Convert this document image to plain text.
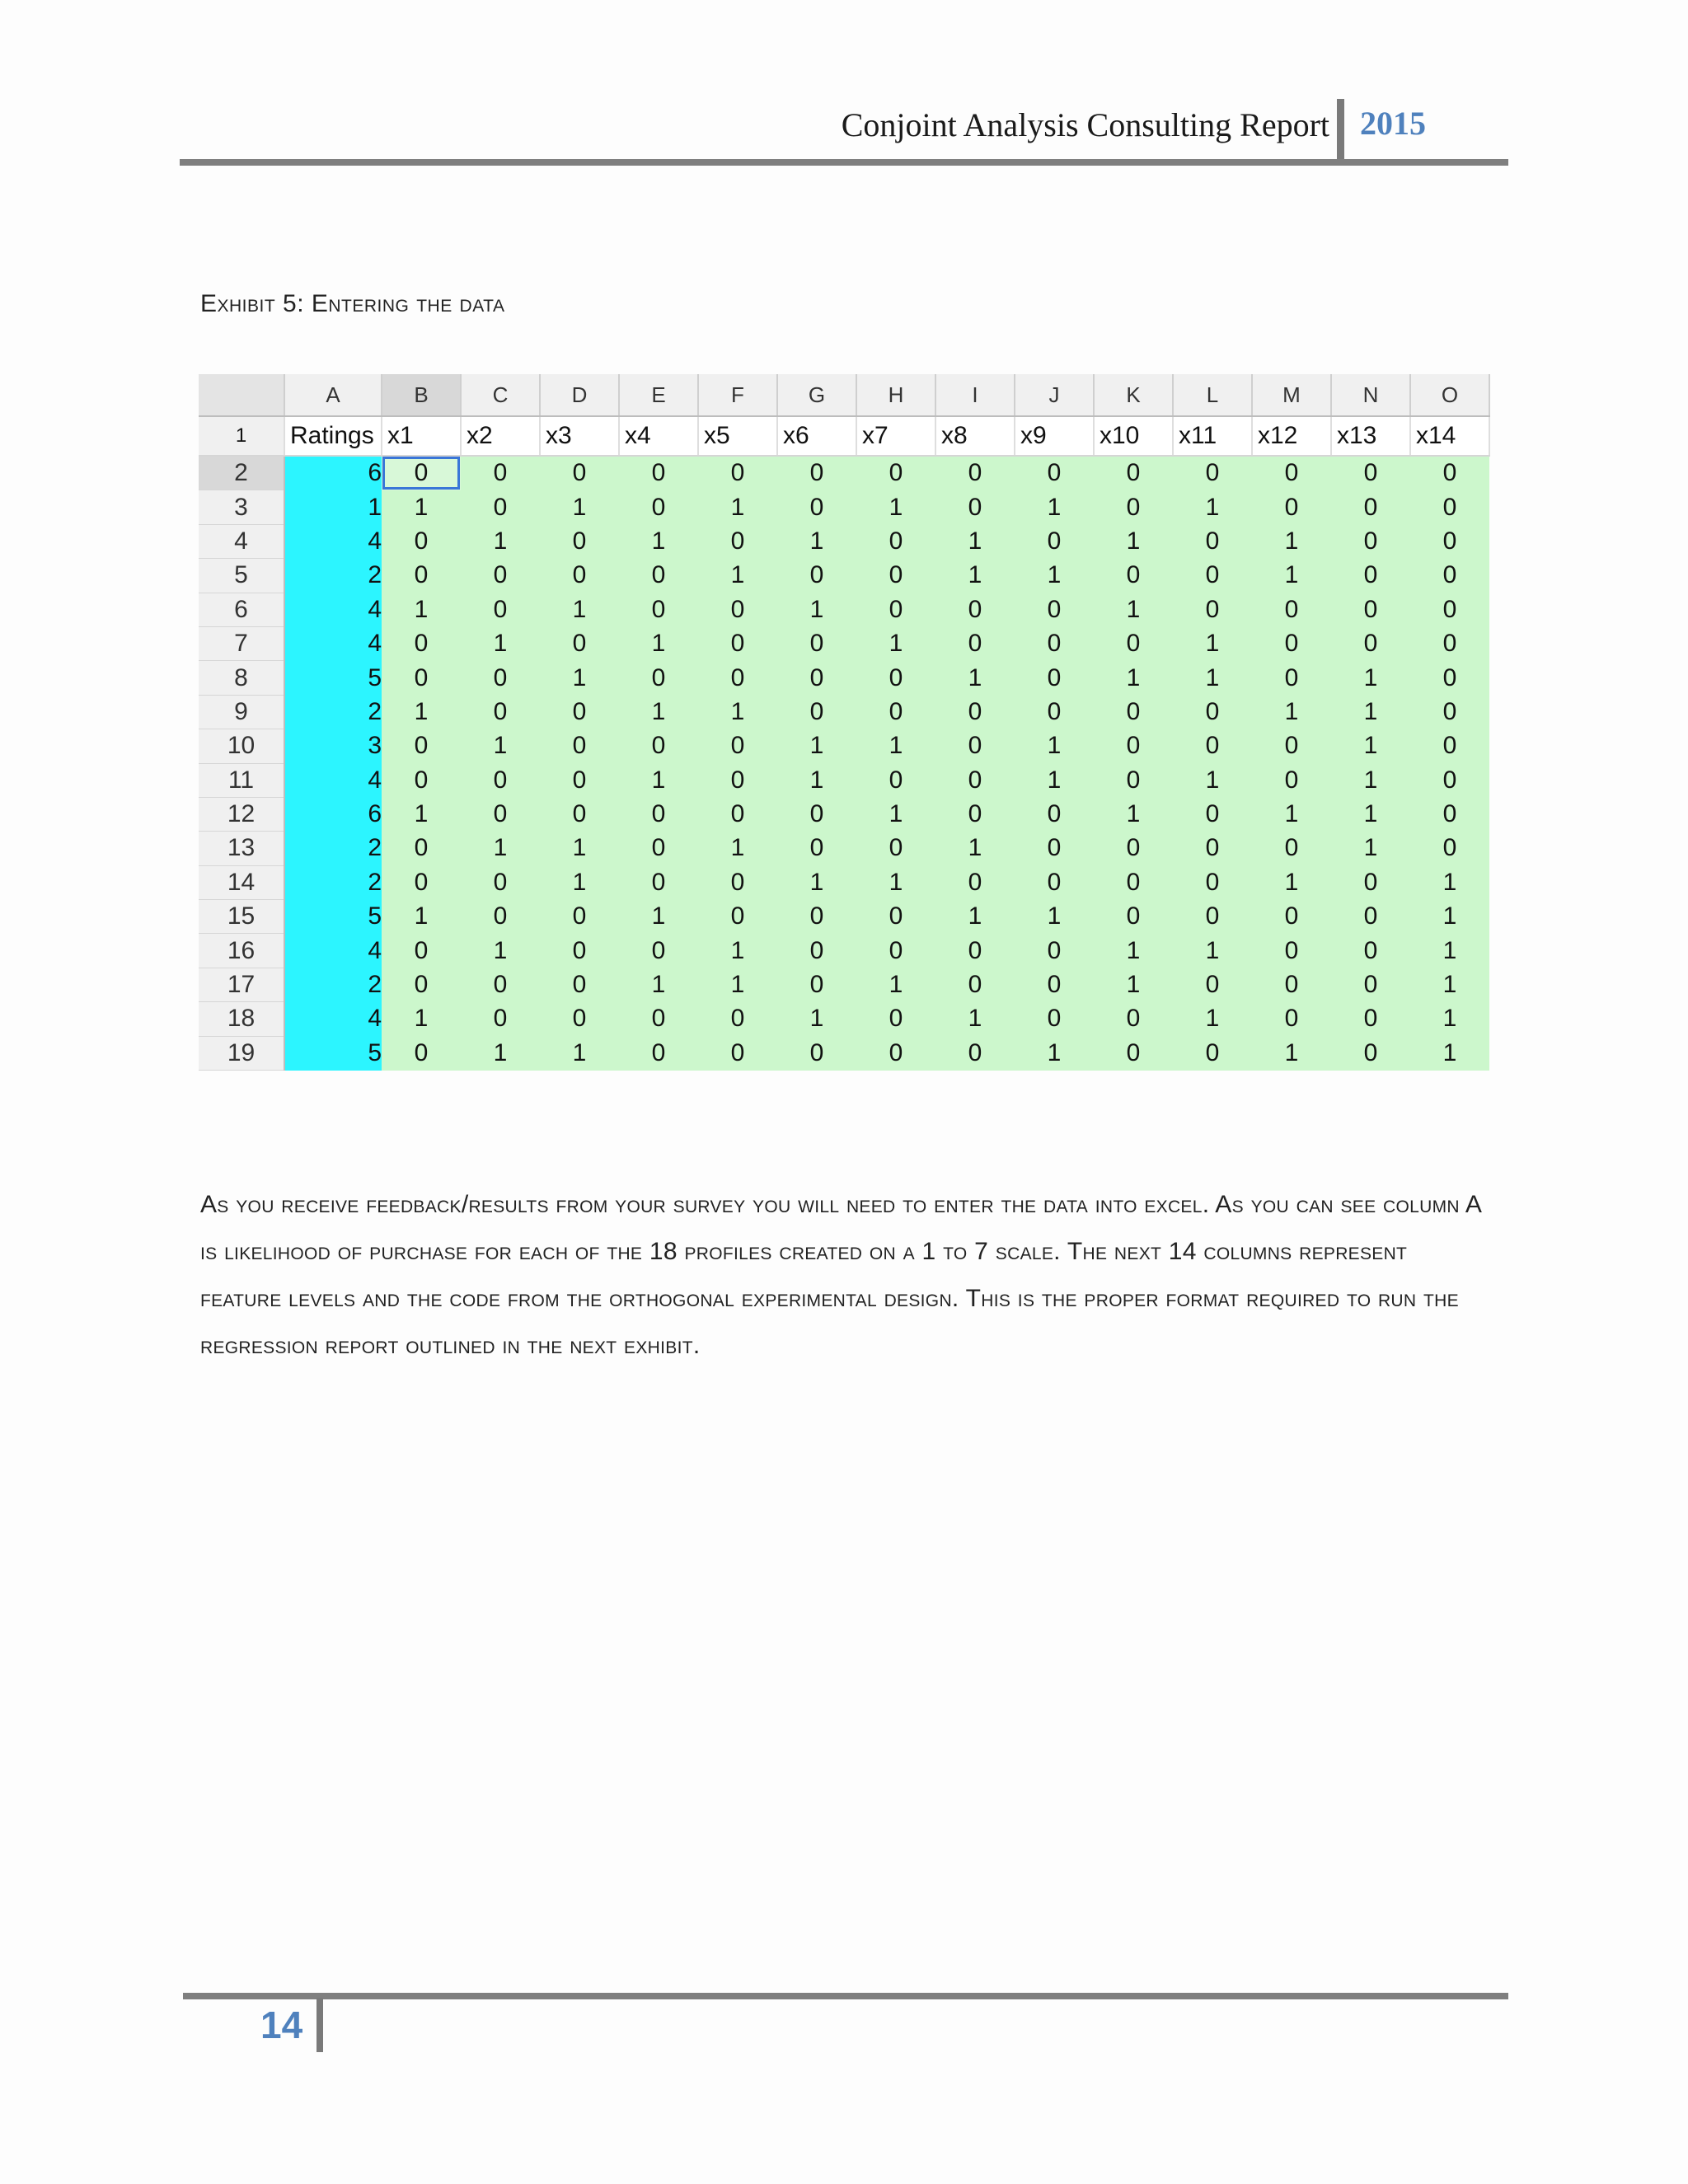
Conjoint Analysis Consulting Report 2015
Exhibit 5: Entering the data
	A	B	C	D	E	F	G	H	I	J	K	L	M	N	O
1	Ratings	x1	x2	x3	x4	x5	x6	x7	x8	x9	x10	x11	x12	x13	x14
2	6	0	0	0	0	0	0	0	0	0	0	0	0	0	0
3	1	1	0	1	0	1	0	1	0	1	0	1	0	0	0
4	4	0	1	0	1	0	1	0	1	0	1	0	1	0	0
5	2	0	0	0	0	1	0	0	1	1	0	0	1	0	0
6	4	1	0	1	0	0	1	0	0	0	1	0	0	0	0
7	4	0	1	0	1	0	0	1	0	0	0	1	0	0	0
8	5	0	0	1	0	0	0	0	1	0	1	1	0	1	0
9	2	1	0	0	1	1	0	0	0	0	0	0	1	1	0
10	3	0	1	0	0	0	1	1	0	1	0	0	0	1	0
11	4	0	0	0	1	0	1	0	0	1	0	1	0	1	0
12	6	1	0	0	0	0	0	1	0	0	1	0	1	1	0
13	2	0	1	1	0	1	0	0	1	0	0	0	0	1	0
14	2	0	0	1	0	0	1	1	0	0	0	0	1	0	1
15	5	1	0	0	1	0	0	0	1	1	0	0	0	0	1
16	4	0	1	0	0	1	0	0	0	0	1	1	0	0	1
17	2	0	0	0	1	1	0	1	0	0	1	0	0	0	1
18	4	1	0	0	0	0	1	0	1	0	0	1	0	0	1
19	5	0	1	1	0	0	0	0	0	1	0	0	1	0	1
As you receive feedback/results from your survey you will need to enter the data into excel. As you can see column A is likelihood of purchase for each of the 18 profiles created on a 1 to 7 scale. The next 14 columns represent feature levels and the code from the orthogonal experimental design. This is the proper format required to run the regression report outlined in the next exhibit.
14
